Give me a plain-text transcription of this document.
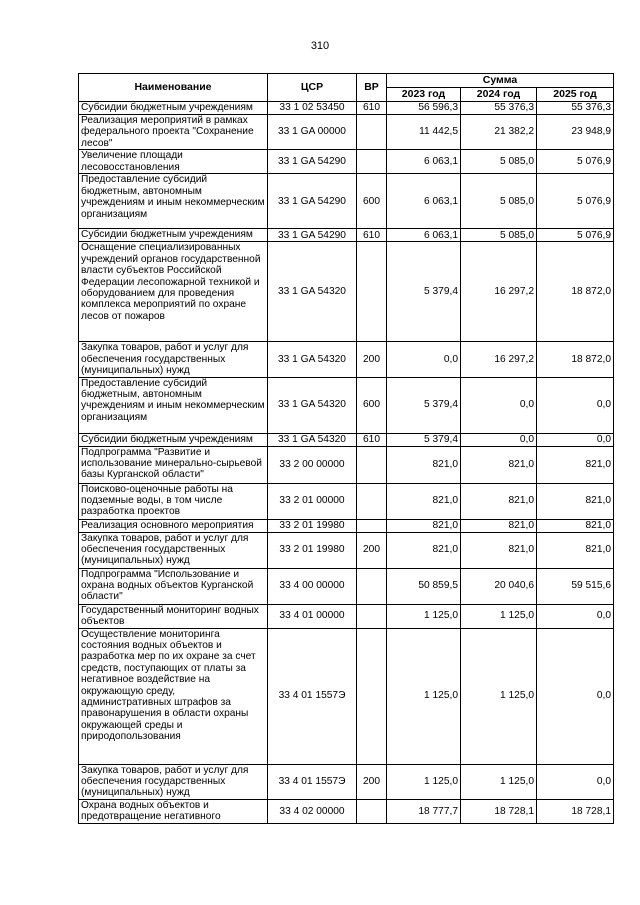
310
Наименование	ЦСР	ВР	Сумма		
			2023 год	2024 год	2025 год
Субсидии бюджетным учреждениям	33 1 02 53450	610	56 596,3	55 376,3	55 376,3
Реализация мероприятий в рамках федерального проекта "Сохранение лесов"	33 1 GA 00000		11 442,5	21 382,2	23 948,9
Увеличение площади лесовосстановления	33 1 GA 54290		6 063,1	5 085,0	5 076,9
Предоставление субсидий бюджетным, автономным учреждениям и иным некоммерческим организациям	33 1 GA 54290	600	6 063,1	5 085,0	5 076,9
Субсидии бюджетным учреждениям	33 1 GA 54290	610	6 063,1	5 085,0	5 076,9
Оснащение специализированных учреждений органов государственной власти субъектов Российской Федерации лесопожарной техникой и оборудованием для проведения комплекса мероприятий по охране лесов от пожаров	33 1 GA 54320		5 379,4	16 297,2	18 872,0
Закупка товаров, работ и услуг для обеспечения государственных (муниципальных) нужд	33 1 GA 54320	200	0,0	16 297,2	18 872,0
Предоставление субсидий бюджетным, автономным учреждениям и иным некоммерческим организациям	33 1 GA 54320	600	5 379,4	0,0	0,0
Субсидии бюджетным учреждениям	33 1 GA 54320	610	5 379,4	0,0	0,0
Подпрограмма "Развитие и использование минерально-сырьевой базы Курганской области"	33 2 00 00000		821,0	821,0	821,0
Поисково-оценочные работы на подземные воды, в том числе разработка проектов	33 2 01 00000		821,0	821,0	821,0
Реализация основного мероприятия	33 2 01 19980		821,0	821,0	821,0
Закупка товаров, работ и услуг для обеспечения государственных (муниципальных) нужд	33 2 01 19980	200	821,0	821,0	821,0
Подпрограмма "Использование и охрана водных объектов Курганской области"	33 4 00 00000		50 859,5	20 040,6	59 515,6
Государственный мониторинг водных объектов	33 4 01 00000		1 125,0	1 125,0	0,0
Осуществление мониторинга состояния водных объектов и разработка мер по их охране за счет средств, поступающих от платы за негативное воздействие на окружающую среду, административных штрафов за правонарушения в области охраны окружающей среды и природопользования	33 4 01 1557Э		1 125,0	1 125,0	0,0
Закупка товаров, работ и услуг для обеспечения государственных (муниципальных) нужд	33 4 01 1557Э	200	1 125,0	1 125,0	0,0
Охрана водных объектов и предотвращение негативного	33 4 02 00000		18 777,7	18 728,1	18 728,1
